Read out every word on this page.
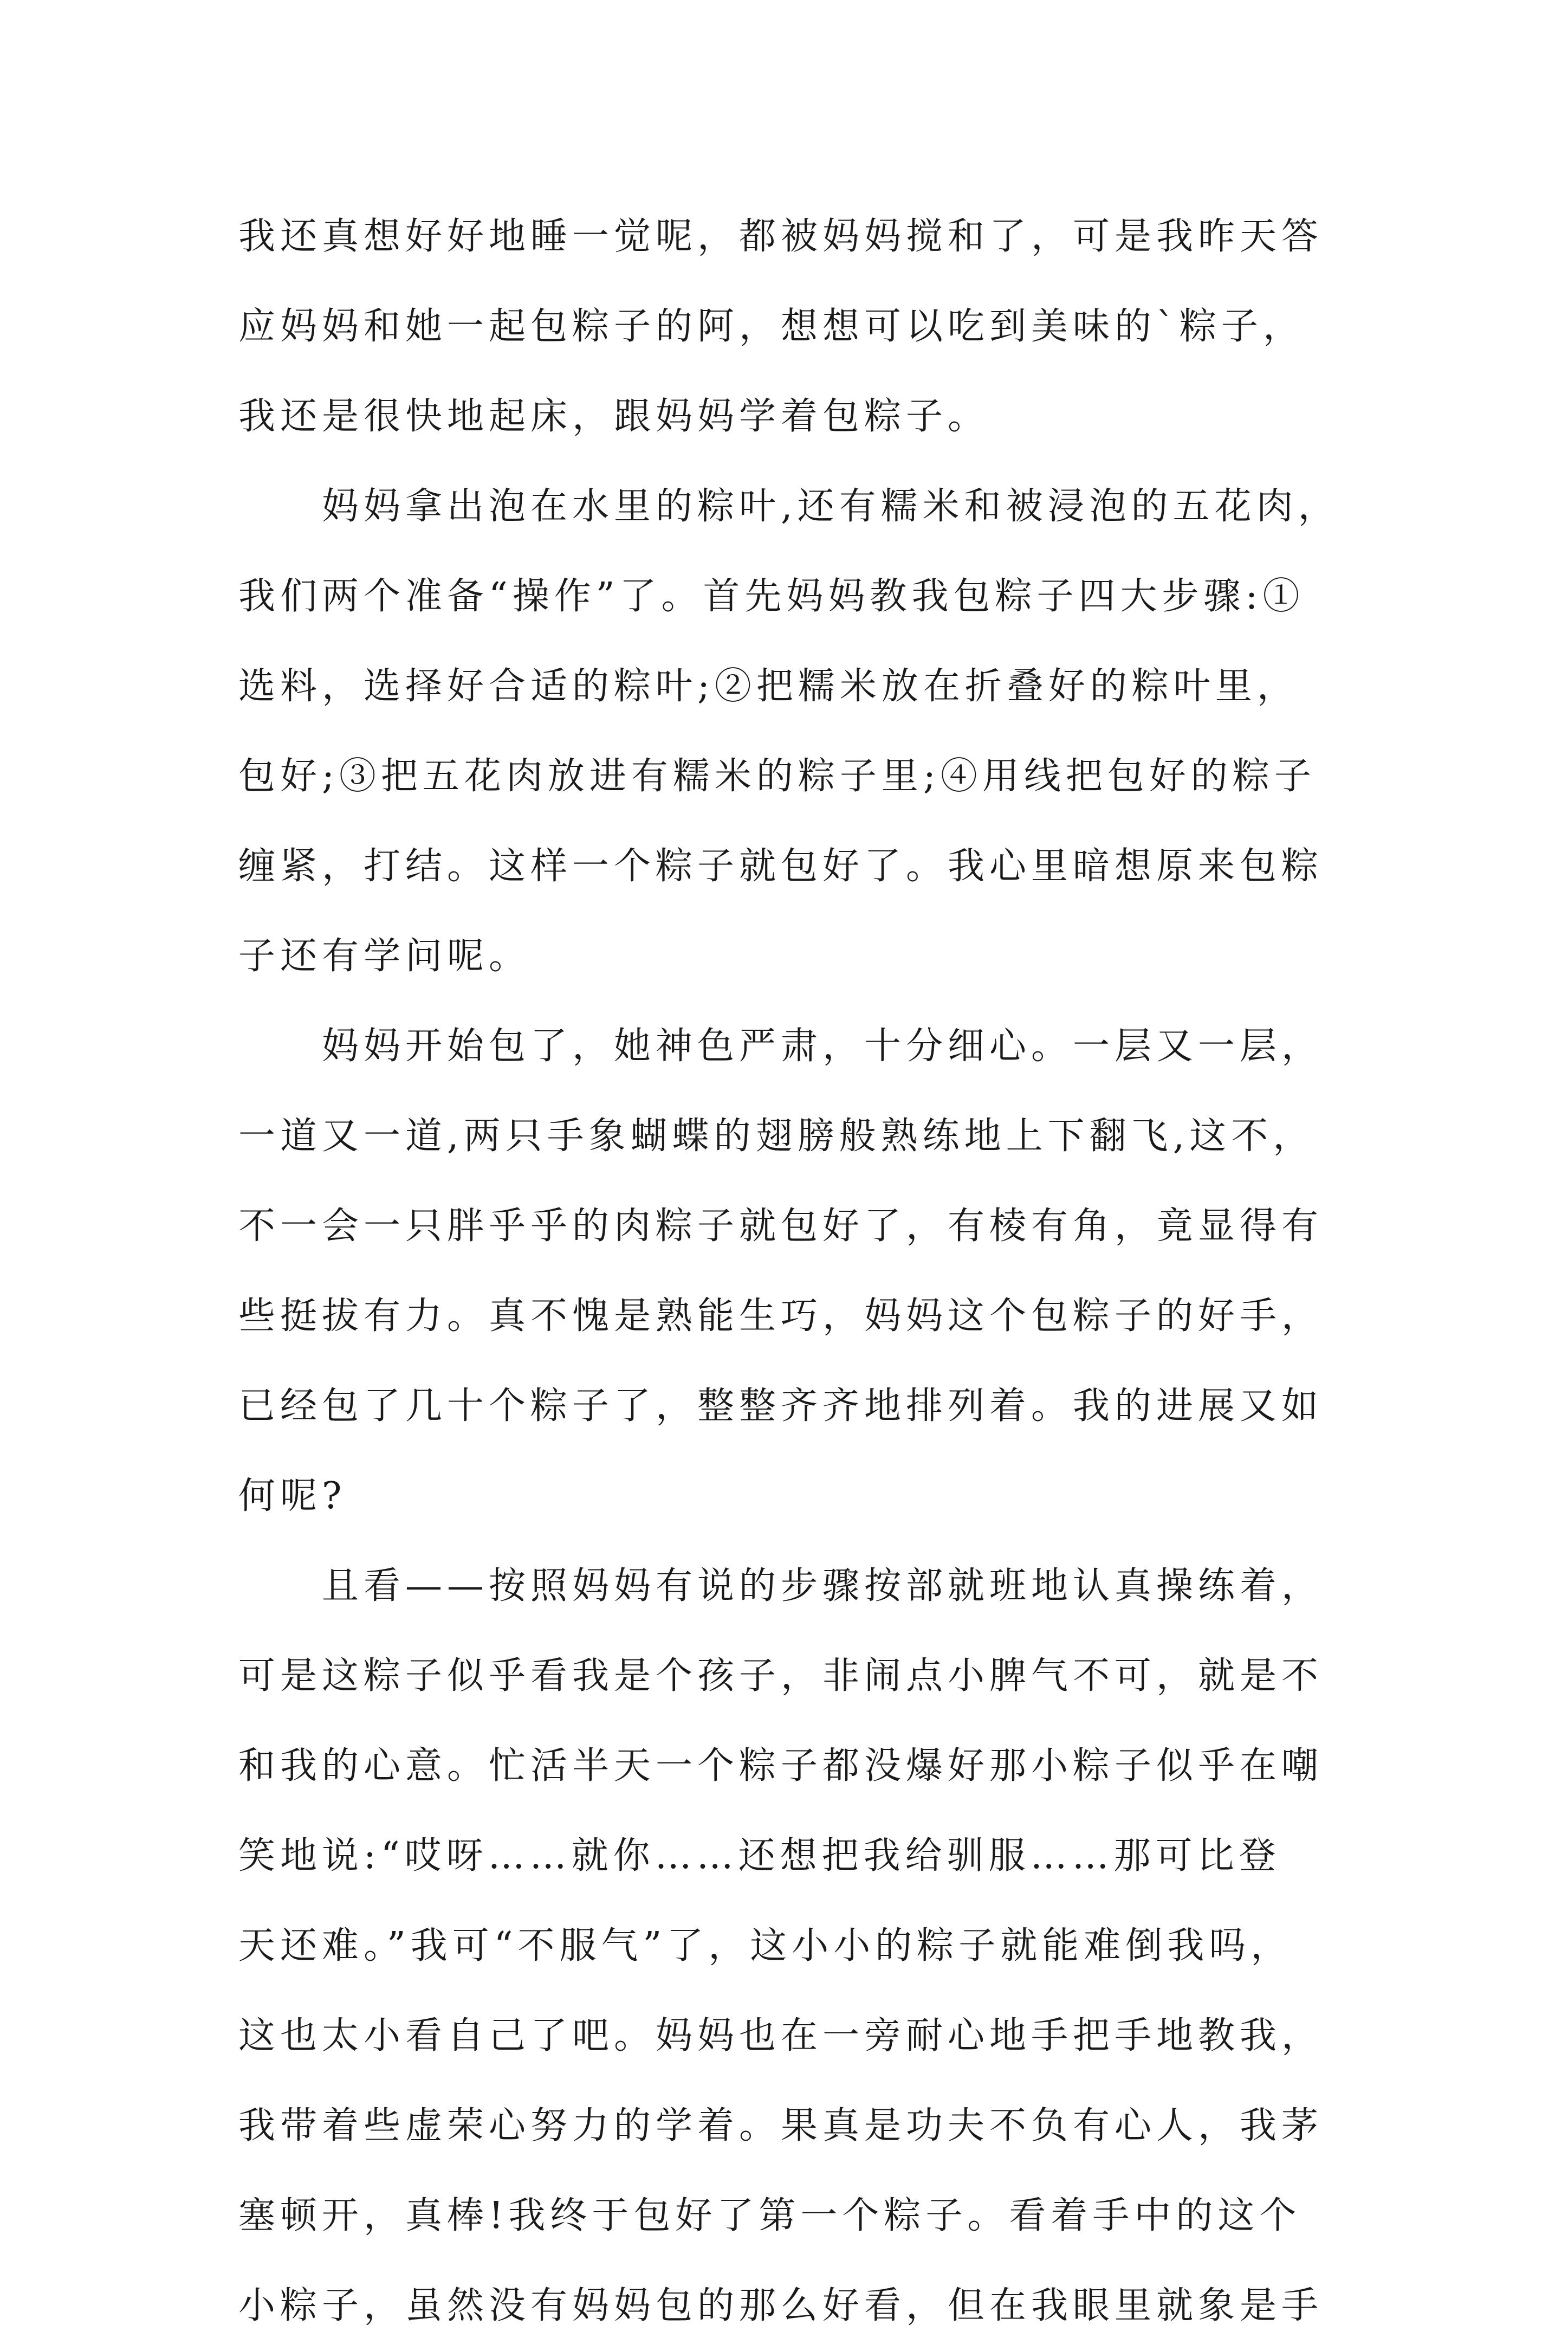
我还真想好好地睡一觉呢，都被妈妈搅和了，可是我昨天答
应妈妈和她一起包粽子的阿，想想可以吃到美味的`粽子，
我还是很快地起床，跟妈妈学着包粽子。
　　妈妈拿出泡在水里的粽叶,还有糯米和被浸泡的五花肉，
我们两个准备“操作”了。首先妈妈教我包粽子四大步骤:①
选料，选择好合适的粽叶;②把糯米放在折叠好的粽叶里，
包好;③把五花肉放进有糯米的粽子里;④用线把包好的粽子
缠紧，打结。这样一个粽子就包好了。我心里暗想原来包粽
子还有学问呢。
　　妈妈开始包了，她神色严肃，十分细心。一层又一层，
一道又一道,两只手象蝴蝶的翅膀般熟练地上下翻飞,这不，
不一会一只胖乎乎的肉粽子就包好了，有棱有角，竟显得有
些挺拔有力。真不愧是熟能生巧，妈妈这个包粽子的好手，
已经包了几十个粽子了，整整齐齐地排列着。我的进展又如
何呢?
　　且看——按照妈妈有说的步骤按部就班地认真操练着，
可是这粽子似乎看我是个孩子，非闹点小脾气不可，就是不
和我的心意。忙活半天一个粽子都没爆好那小粽子似乎在嘲
笑地说:“哎呀……就你……还想把我给驯服……那可比登
天还难。”我可“不服气”了，这小小的粽子就能难倒我吗，
这也太小看自己了吧。妈妈也在一旁耐心地手把手地教我，
我带着些虚荣心努力的学着。果真是功夫不负有心人，我茅
塞顿开，真棒!我终于包好了第一个粽子。看着手中的这个
小粽子，虽然没有妈妈包的那么好看，但在我眼里就象是手
